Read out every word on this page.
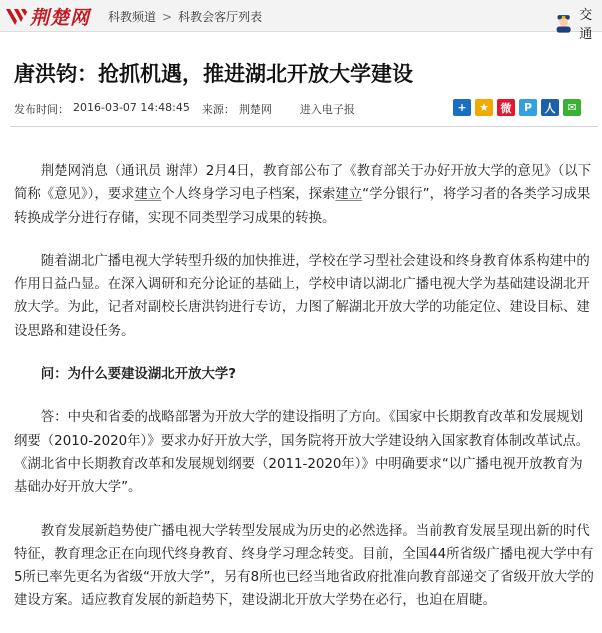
荆楚网 科教频道 > 科教会客厅列表	交通
唐洪钧：抢抓机遇，推进湖北开放大学建设
发布时间： 2016-03-07 14:48:45 来源： 荆楚网	进入电子报	+	★	微	P	人	✉

荆楚网消息（通讯员 谢萍）2月4日，教育部公布了《教育部关于办好开放大学的意见》（以下简称《意见》），要求建立个人终身学习电子档案，探索建立“学分银行”，将学习者的各类学习成果转换成学分进行存储，实现不同类型学习成果的转换。

随着湖北广播电视大学转型升级的加快推进，学校在学习型社会建设和终身教育体系构建中的作用日益凸显。在深入调研和充分论证的基础上，学校申请以湖北广播电视大学为基础建设湖北开放大学。为此，记者对副校长唐洪钧进行专访，力图了解湖北开放大学的功能定位、建设目标、建设思路和建设任务。

问：为什么要建设湖北开放大学?

答：中央和省委的战略部署为开放大学的建设指明了方向。《国家中长期教育改革和发展规划纲要（2010-2020年）》要求办好开放大学，国务院将开放大学建设纳入国家教育体制改革试点。《湖北省中长期教育改革和发展规划纲要（2011-2020年）》中明确要求“以广播电视开放教育为基础办好开放大学”。

教育发展新趋势使广播电视大学转型发展成为历史的必然选择。当前教育发展呈现出新的时代特征，教育理念正在向现代终身教育、终身学习理念转变。目前，全国44所省级广播电视大学中有5所已率先更名为省级“开放大学”，另有8所也已经当地省政府批准向教育部递交了省级开放大学的建设方案。适应教育发展的新趋势下，建设湖北开放大学势在必行，也迫在眉睫。
